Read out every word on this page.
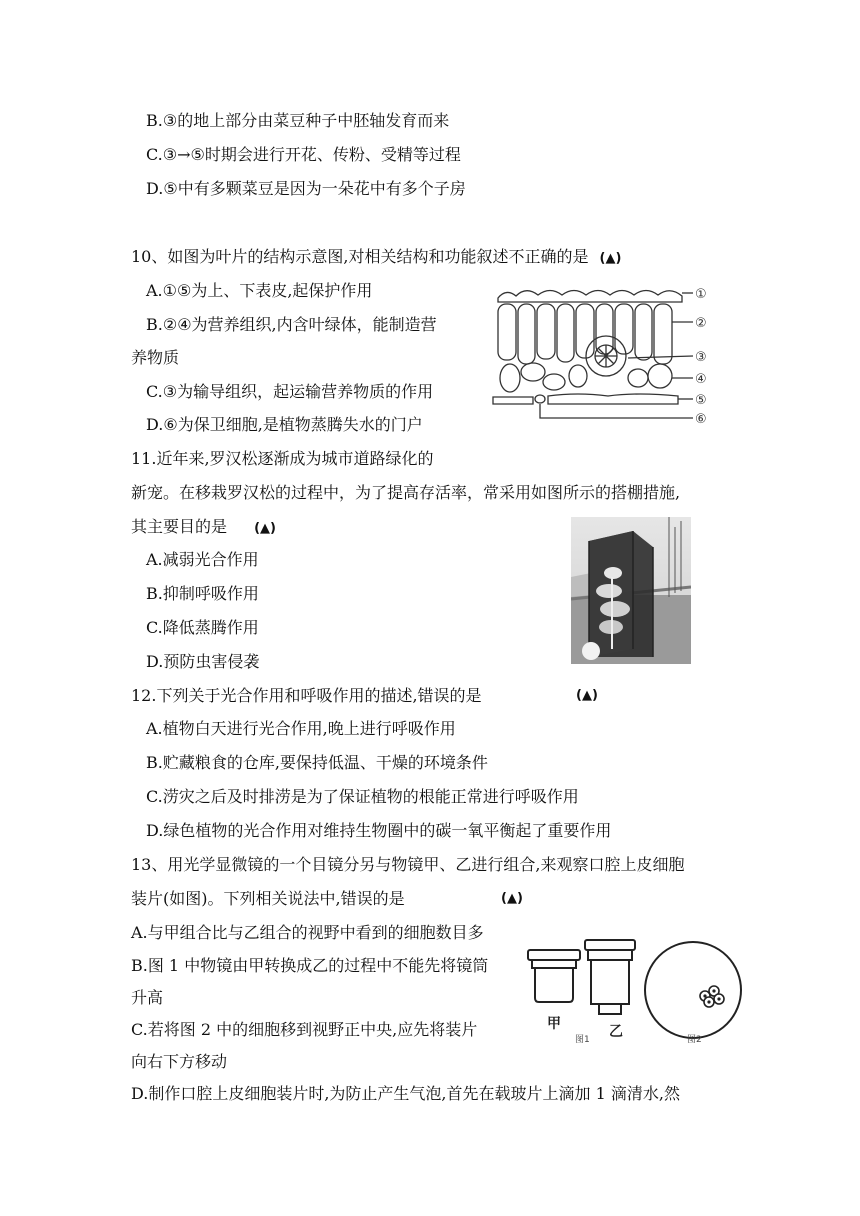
B.③的地上部分由菜豆种子中胚轴发育而来
C.③→⑤时期会进行开花、传粉、受精等过程
D.⑤中有多颗菜豆是因为一朵花中有多个子房
10、如图为叶片的结构示意图,对相关结构和功能叙述不正确的是 (▲)
A.①⑤为上、下表皮,起保护作用
B.②④为营养组织,内含叶绿体，能制造营
养物质
C.③为输导组织，起运输营养物质的作用
D.⑥为保卫细胞,是植物蒸腾失水的门户
①
②
③
④
⑤
⑥
11.近年来,罗汉松逐渐成为城市道路绿化的
新宠。在移栽罗汉松的过程中，为了提高存活率，常采用如图所示的搭棚措施,
其主要目的是 (▲)
A.减弱光合作用
B.抑制呼吸作用
C.降低蒸腾作用
D.预防虫害侵袭
12.下列关于光合作用和呼吸作用的描述,错误的是	(▲)
A.植物白天进行光合作用,晚上进行呼吸作用
B.贮藏粮食的仓库,要保持低温、干燥的环境条件
C.涝灾之后及时排涝是为了保证植物的根能正常进行呼吸作用
D.绿色植物的光合作用对维持生物圈中的碳一氧平衡起了重要作用
13、用光学显微镜的一个目镜分另与物镜甲、乙进行组合,来观察口腔上皮细胞
装片(如图)。下列相关说法中,错误的是	(▲)
A.与甲组合比与乙组合的视野中看到的细胞数目多
B.图 1 中物镜由甲转换成乙的过程中不能先将镜筒
升高
C.若将图 2 中的细胞移到视野正中央,应先将装片
向右下方移动
D.制作口腔上皮细胞装片时,为防止产生气泡,首先在载玻片上滴加 1 滴清水,然
甲	乙
图1	图2
